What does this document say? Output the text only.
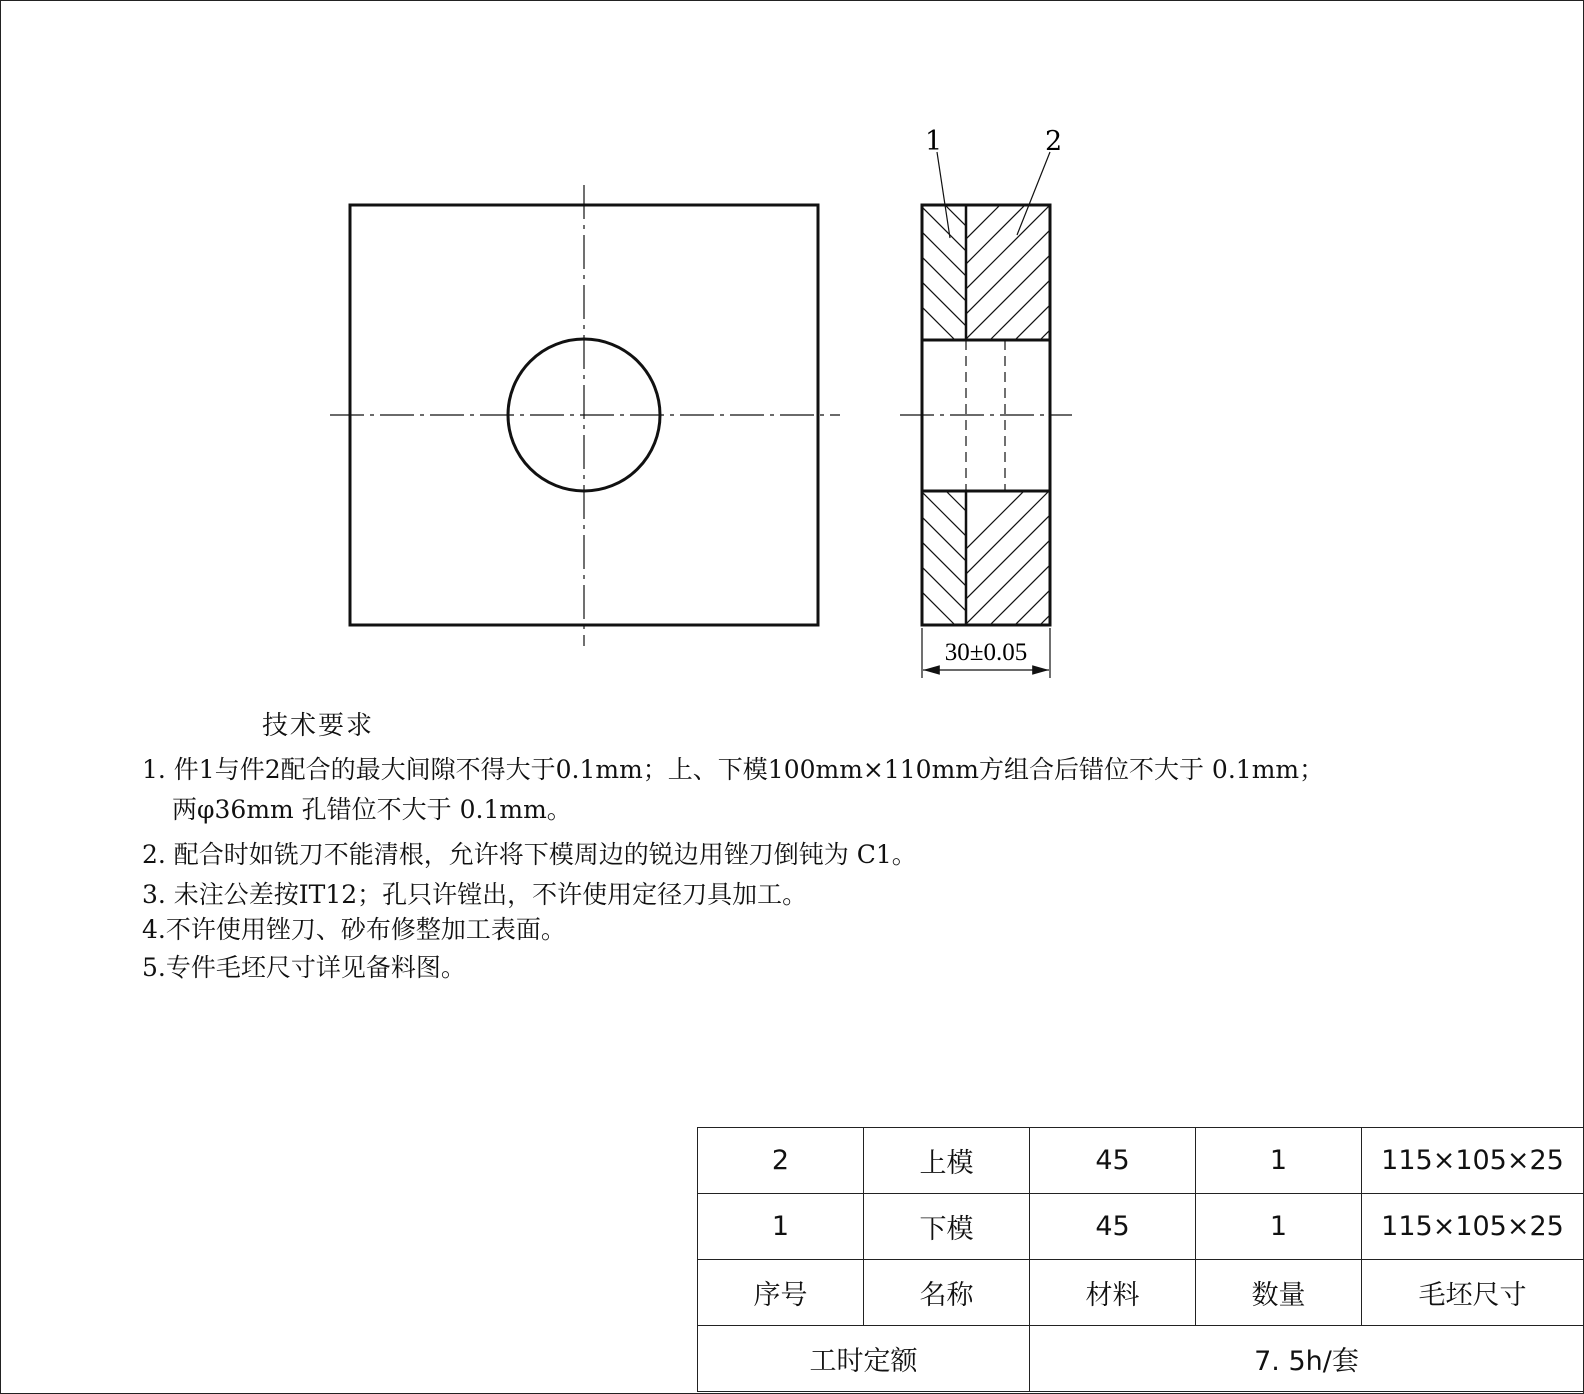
1	2
30±0.05
技术要求
1. 件1与件2配合的最大间隙不得大于0.1mm；上、下模100mm×110mm方组合后错位不大于 0.1mm；
两φ36mm 孔错位不大于 0.1mm。
2. 配合时如铣刀不能清根，允许将下模周边的锐边用锉刀倒钝为 C1。
3. 未注公差按IT12；孔只许镗出，不许使用定径刀具加工。
4.不许使用锉刀、砂布修整加工表面。
5.专件毛坯尺寸详见备料图。
2	上模	45	1	115×105×25
1	下模	45	1	115×105×25
序号	名称	材料	数量	毛坯尺寸
工时定额		7. 5h/套		
